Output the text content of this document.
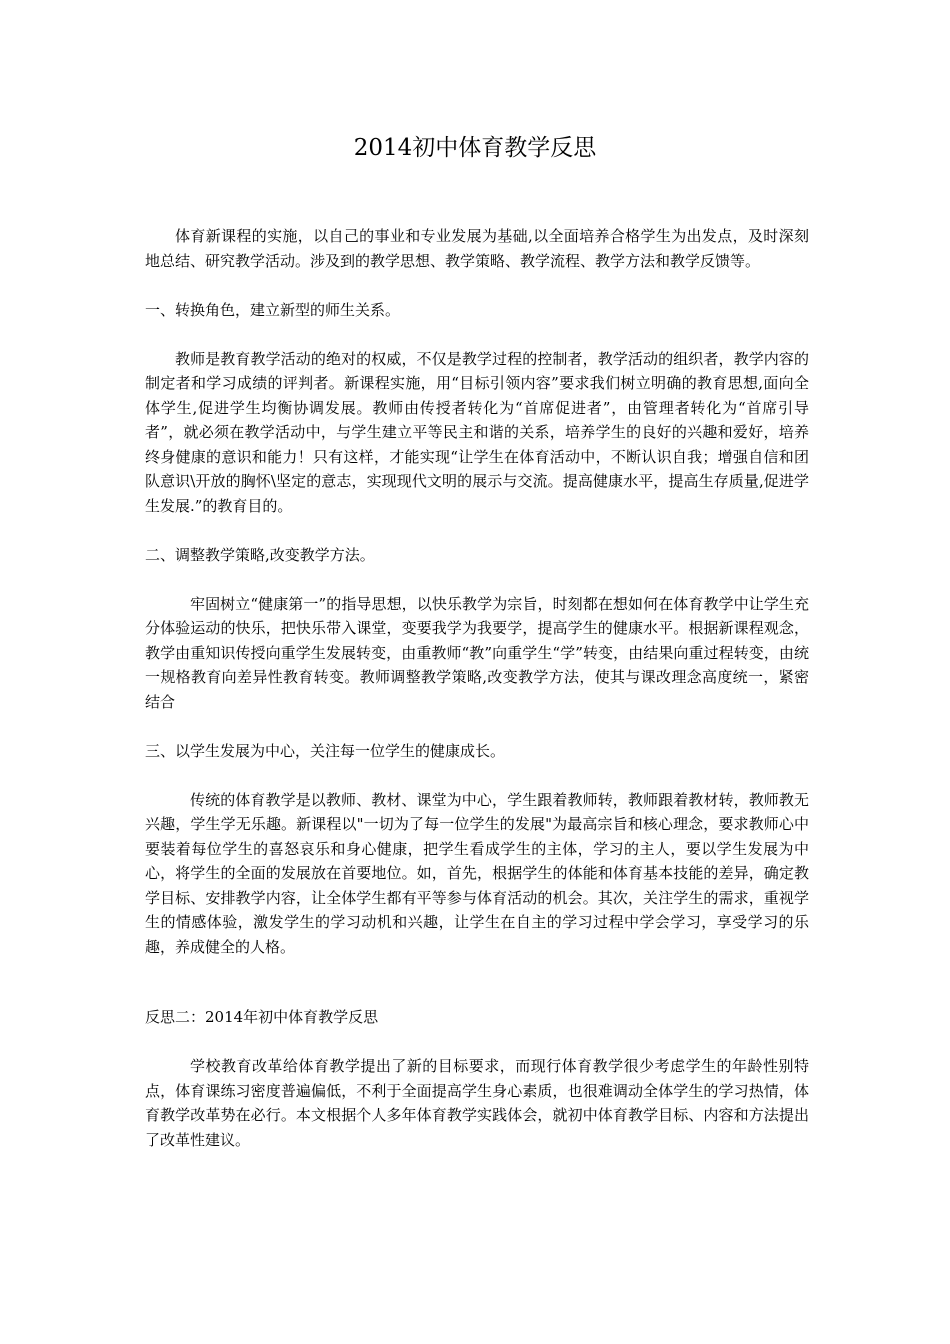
2014初中体育教学反思

体育新课程的实施，以自己的事业和专业发展为基础,以全面培养合格学生为出发点，及时深刻地总结、研究教学活动。涉及到的教学思想、教学策略、教学流程、教学方法和教学反馈等。

一、转换角色，建立新型的师生关系。

教师是教育教学活动的绝对的权威，不仅是教学过程的控制者，教学活动的组织者，教学内容的制定者和学习成绩的评判者。新课程实施，用“目标引领内容”要求我们树立明确的教育思想,面向全体学生,促进学生均衡协调发展。教师由传授者转化为“首席促进者”，由管理者转化为“首席引导者”，就必须在教学活动中，与学生建立平等民主和谐的关系，培养学生的良好的兴趣和爱好，培养终身健康的意识和能力！只有这样，才能实现“让学生在体育活动中，不断认识自我；增强自信和团队意识\开放的胸怀\坚定的意志，实现现代文明的展示与交流。提高健康水平，提高生存质量,促进学生发展.”的教育目的。

二、调整教学策略,改变教学方法。

牢固树立“健康第一”的指导思想，以快乐教学为宗旨，时刻都在想如何在体育教学中让学生充分体验运动的快乐，把快乐带入课堂，变要我学为我要学，提高学生的健康水平。根据新课程观念，教学由重知识传授向重学生发展转变，由重教师“教”向重学生“学”转变，由结果向重过程转变，由统一规格教育向差异性教育转变。教师调整教学策略,改变教学方法，使其与课改理念高度统一，紧密结合

三、以学生发展为中心，关注每一位学生的健康成长。

传统的体育教学是以教师、教材、课堂为中心，学生跟着教师转，教师跟着教材转，教师教无兴趣，学生学无乐趣。新课程以"一切为了每一位学生的发展"为最高宗旨和核心理念，要求教师心中要装着每位学生的喜怒哀乐和身心健康，把学生看成学生的主体，学习的主人，要以学生发展为中心，将学生的全面的发展放在首要地位。如，首先，根据学生的体能和体育基本技能的差异，确定教学目标、安排教学内容，让全体学生都有平等参与体育活动的机会。其次，关注学生的需求，重视学生的情感体验，激发学生的学习动机和兴趣，让学生在自主的学习过程中学会学习，享受学习的乐趣，养成健全的人格。

反思二：2014年初中体育教学反思

学校教育改革给体育教学提出了新的目标要求，而现行体育教学很少考虑学生的年龄性别特点，体育课练习密度普遍偏低，不利于全面提高学生身心素质，也很难调动全体学生的学习热情，体育教学改革势在必行。本文根据个人多年体育教学实践体会，就初中体育教学目标、内容和方法提出了改革性建议。
